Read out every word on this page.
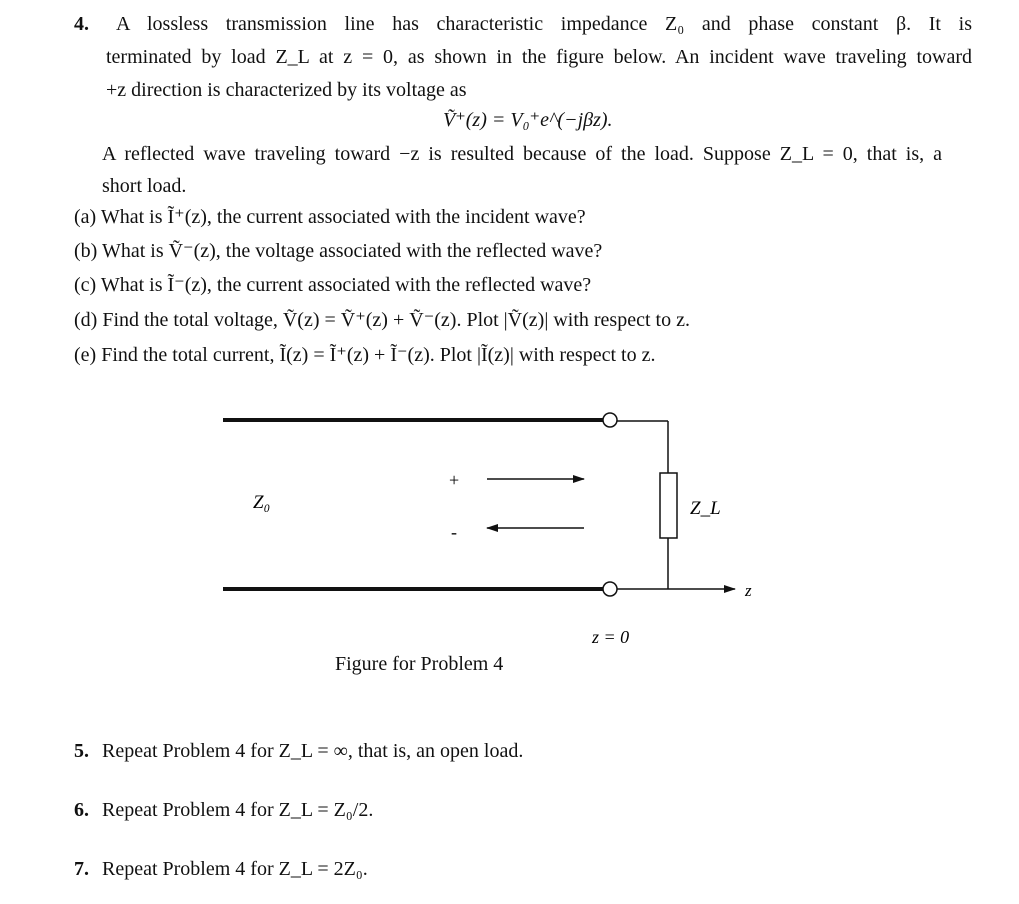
4. A lossless transmission line has characteristic impedance Z₀ and phase constant β. It is
terminated by load Z_L at z = 0, as shown in the figure below. An incident wave traveling toward
+z direction is characterized by its voltage as
Ṽ⁺(z) = V₀⁺e^(−jβz).
A reflected wave traveling toward −z is resulted because of the load. Suppose Z_L = 0, that is, a
short load.
(a) What is Ĩ⁺(z), the current associated with the incident wave?
(b) What is Ṽ⁻(z), the voltage associated with the reflected wave?
(c) What is Ĩ⁻(z), the current associated with the reflected wave?
(d) Find the total voltage, Ṽ(z) = Ṽ⁺(z) + Ṽ⁻(z). Plot |Ṽ(z)| with respect to z.
(e) Find the total current, Ĩ(z) = Ĩ⁺(z) + Ĩ⁻(z). Plot |Ĩ(z)| with respect to z.
+
-
Z₀	Z_L
z
z = 0
Figure for Problem 4
5. Repeat Problem 4 for Z_L = ∞, that is, an open load.
6. Repeat Problem 4 for Z_L = Z₀/2.
7. Repeat Problem 4 for Z_L = 2Z₀.
